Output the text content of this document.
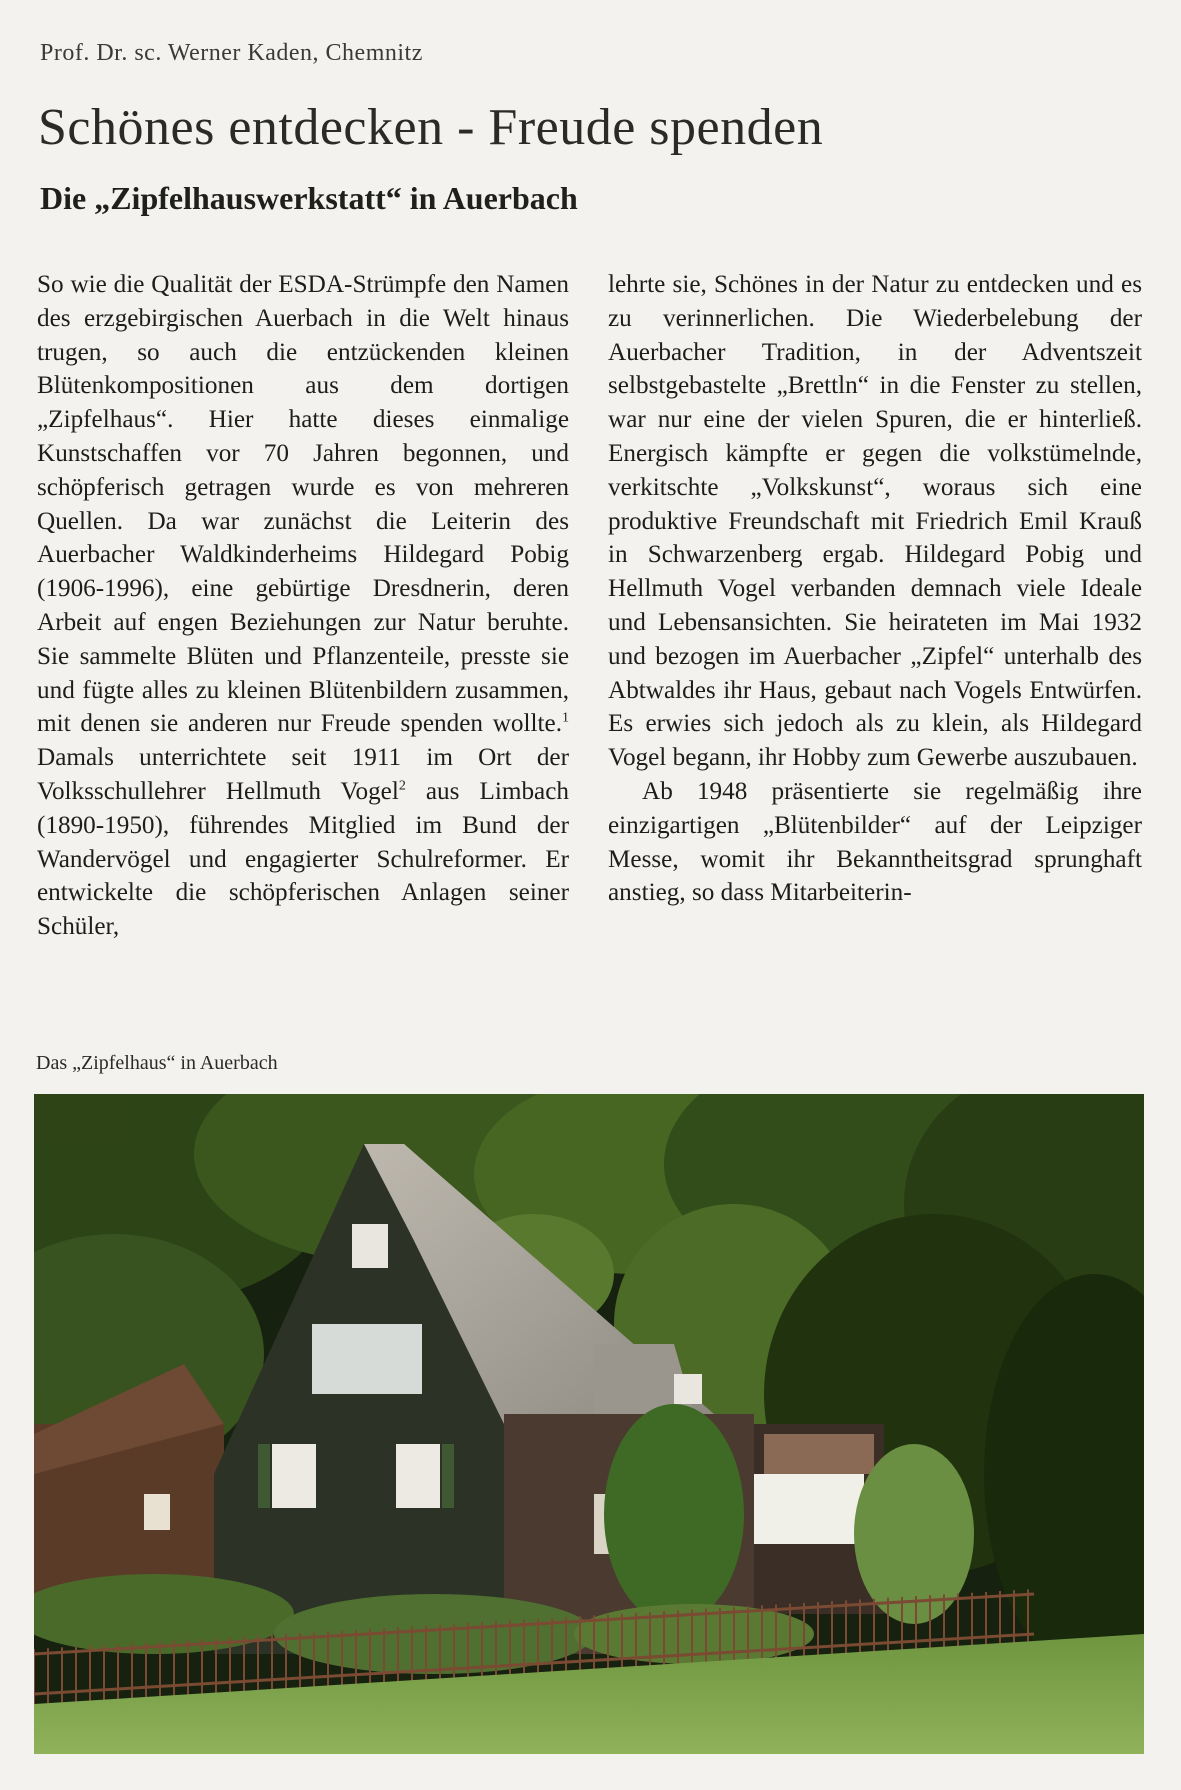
Prof. Dr. sc. Werner Kaden, Chemnitz
Schönes entdecken - Freude spenden
Die „Zipfelhauswerkstatt“ in Auerbach

So wie die Qualität der ESDA-Strümpfe den Namen des erzgebirgischen Auerbach in die Welt hinaus trugen, so auch die entzückenden kleinen Blütenkompositionen aus dem dortigen „Zipfelhaus“. Hier hatte dieses einmalige Kunstschaffen vor 70 Jahren begonnen, und schöpferisch getragen wurde es von mehreren Quellen. Da war zunächst die Leiterin des Auerbacher Waldkinderheims Hildegard Pobig (1906-1996), eine gebürtige Dresdnerin, deren Arbeit auf engen Beziehungen zur Natur beruhte. Sie sammelte Blüten und Pflanzenteile, presste sie und fügte alles zu kleinen Blütenbildern zusammen, mit denen sie anderen nur Freude spenden wollte.$^1$ Damals unterrichtete seit 1911 im Ort der Volksschullehrer Hellmuth Vogel$^2$ aus Limbach (1890-1950), führendes Mitglied im Bund der Wandervögel und engagierter Schulreformer. Er entwickelte die schöpferischen Anlagen seiner Schüler,

lehrte sie, Schönes in der Natur zu entdecken und es zu verinnerlichen. Die Wiederbelebung der Auerbacher Tradition, in der Adventszeit selbstgebastelte „Brettln“ in die Fenster zu stellen, war nur eine der vielen Spuren, die er hinterließ. Energisch kämpfte er gegen die volkstümelnde, verkitschte „Volkskunst“, woraus sich eine produktive Freundschaft mit Friedrich Emil Krauß in Schwarzenberg ergab. Hildegard Pobig und Hellmuth Vogel verbanden demnach viele Ideale und Lebensansichten. Sie heirateten im Mai 1932 und bezogen im Auerbacher „Zipfel“ unterhalb des Abtwaldes ihr Haus, gebaut nach Vogels Entwürfen. Es erwies sich jedoch als zu klein, als Hildegard Vogel begann, ihr Hobby zum Gewerbe auszubauen.

Ab 1948 präsentierte sie regelmäßig ihre einzigartigen „Blütenbilder“ auf der Leipziger Messe, womit ihr Bekanntheitsgrad sprunghaft anstieg, so dass Mitarbeiterin-

Das „Zipfelhaus“ in Auerbach
